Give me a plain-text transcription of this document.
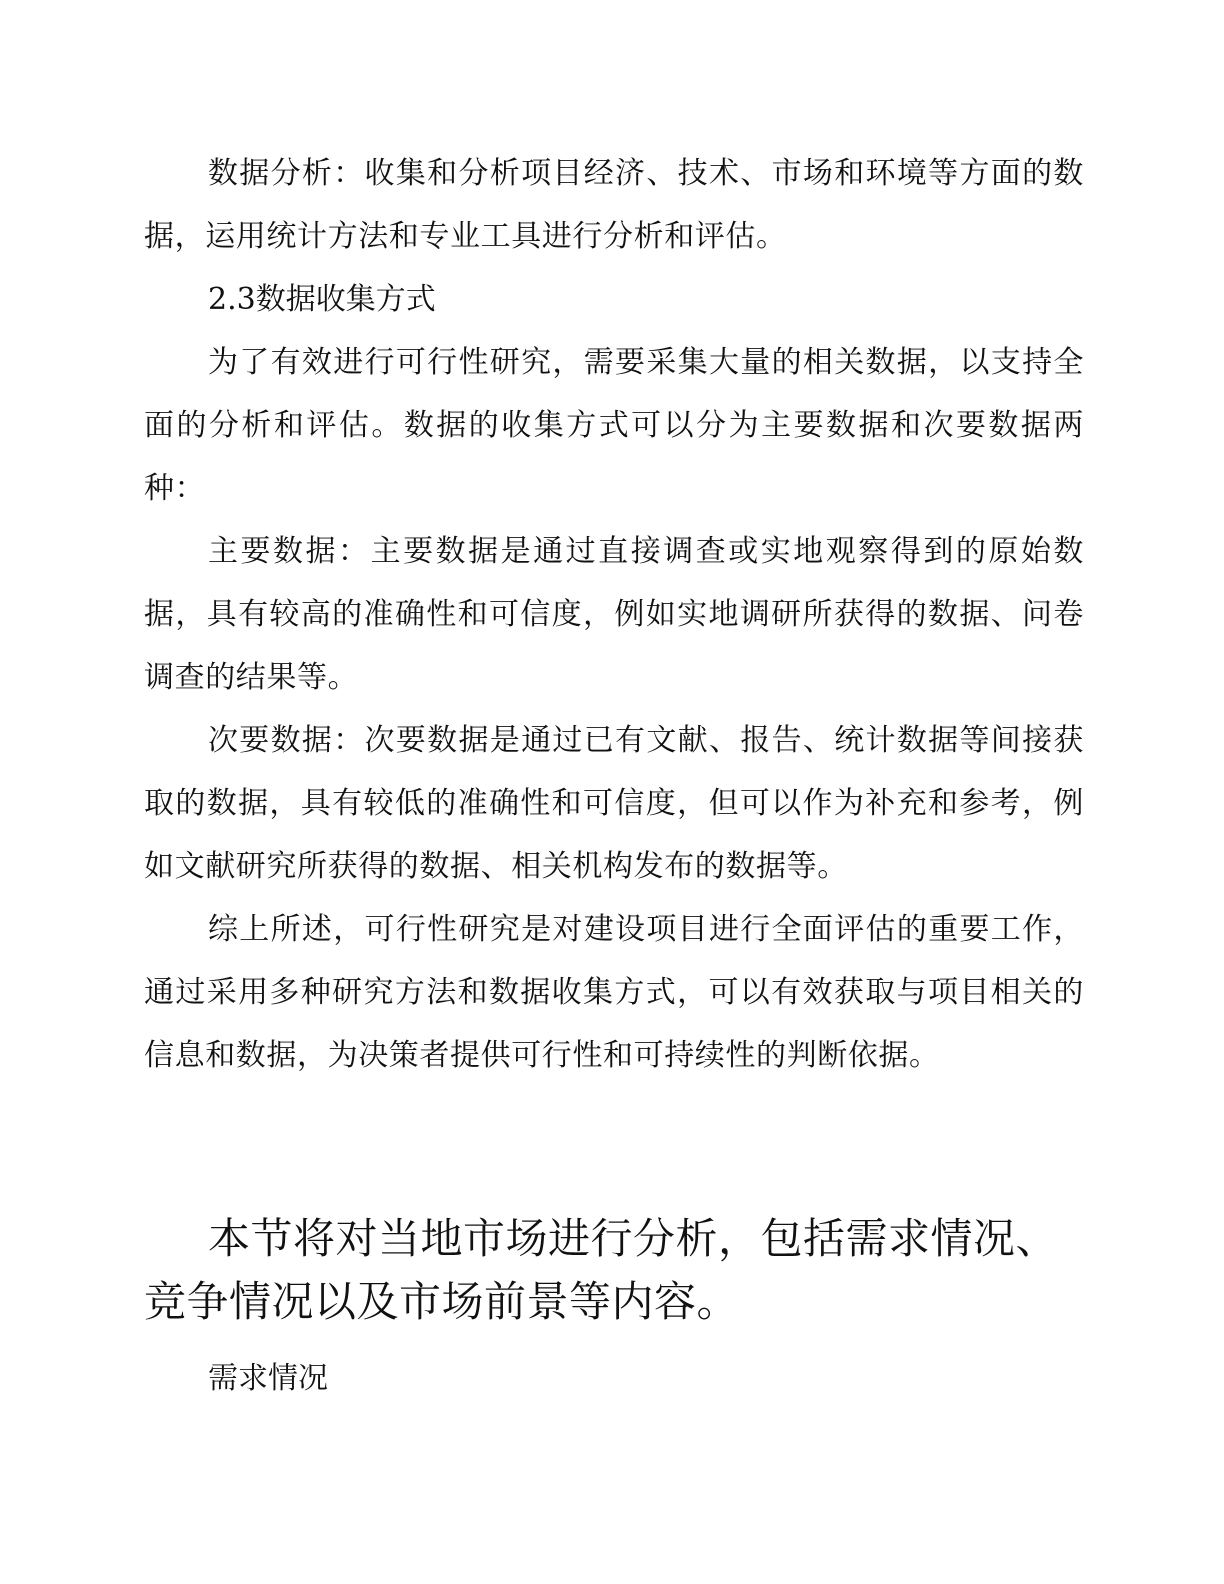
数据分析：收集和分析项目经济、技术、市场和环境等方面的数据，运用统计方法和专业工具进行分析和评估。

2.3数据收集方式

为了有效进行可行性研究，需要采集大量的相关数据，以支持全面的分析和评估。数据的收集方式可以分为主要数据和次要数据两种：

主要数据：主要数据是通过直接调查或实地观察得到的原始数据，具有较高的准确性和可信度，例如实地调研所获得的数据、问卷调查的结果等。

次要数据：次要数据是通过已有文献、报告、统计数据等间接获取的数据，具有较低的准确性和可信度，但可以作为补充和参考，例如文献研究所获得的数据、相关机构发布的数据等。

综上所述，可行性研究是对建设项目进行全面评估的重要工作，通过采用多种研究方法和数据收集方式，可以有效获取与项目相关的信息和数据，为决策者提供可行性和可持续性的判断依据。

本节将对当地市场进行分析，包括需求情况、竞争情况以及市场前景等内容。

需求情况
